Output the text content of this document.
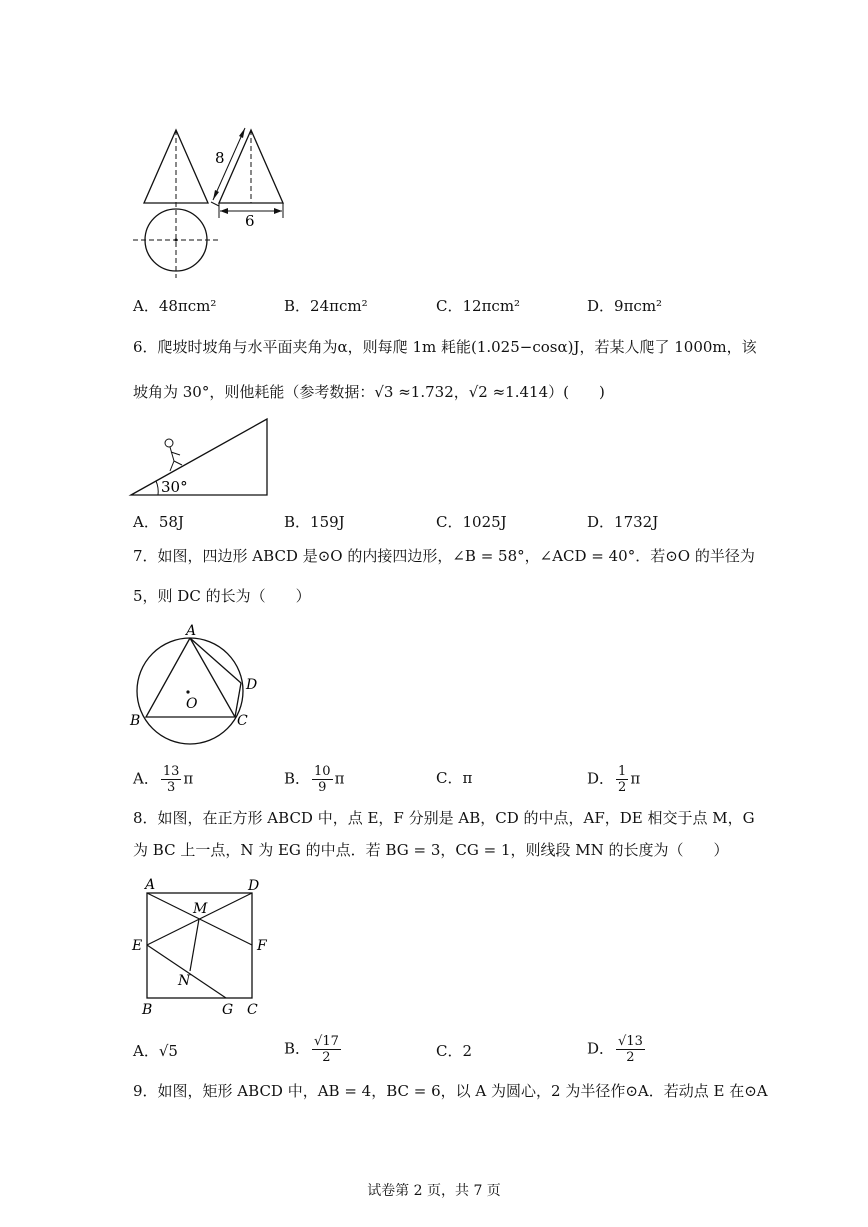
8
6
A．48πcm²	B．24πcm²	C．12πcm²	D．9πcm²
6．爬坡时坡角与水平面夹角为α，则每爬 1m 耗能(1.025−cosα)J，若某人爬了 1000m，该
坡角为 30°，则他耗能（参考数据：√3 ≈1.732，√2 ≈1.414）(　　)
30°
A．58J	B．159J	C．1025J	D．1732J
7．如图，四边形 ABCD 是⊙O 的内接四边形，∠B = 58°，∠ACD = 40°．若⊙O 的半径为
5，则 DC 的长为（　　）
A
B	C
D
O
A． $\frac{13}{3}$ π	B． $\frac{10}{9}$ π	C．π	D． $\frac{1}{2}$ π
8．如图，在正方形 ABCD 中，点 E，F 分别是 AB，CD 的中点，AF，DE 相交于点 M，G
为 BC 上一点，N 为 EG 的中点．若 BG = 3，CG = 1，则线段 MN 的长度为（　　）
A	D
M
E	F
N
B	G C
A．√5	B． $\frac{√17}{2}$	C．2	D． $\frac{√13}{2}$
9．如图，矩形 ABCD 中，AB = 4，BC = 6，以 A 为圆心，2 为半径作⊙A．若动点 E 在⊙A
试卷第 2 页，共 7 页
